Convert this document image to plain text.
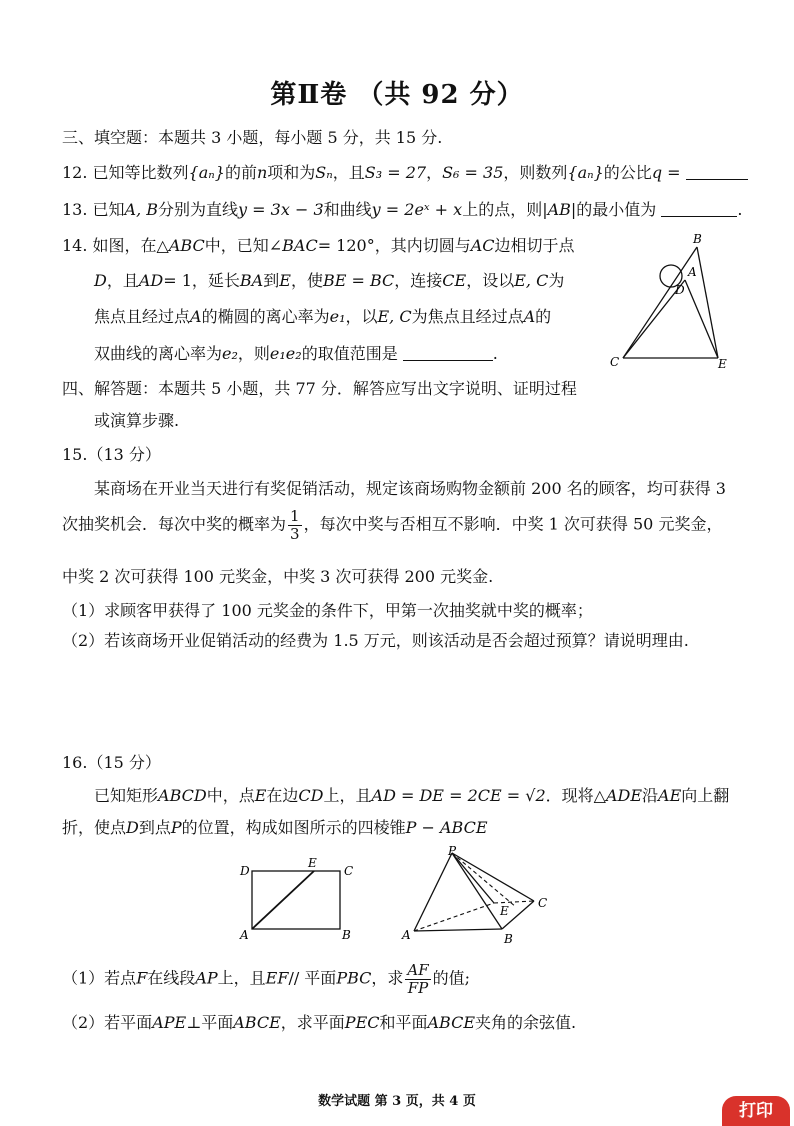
第Ⅱ卷 （共 92 分）
三、填空题：本题共 3 小题，每小题 5 分，共 15 分.
12. 已知等比数列{aₙ}的前n项和为Sₙ，且S₃ = 27，S₆ = 35，则数列{aₙ}的公比q =
13. 已知A, B分别为直线y = 3x − 3和曲线y = 2eˣ + x上的点，则|AB|的最小值为	.
14. 如图，在△ABC中，已知∠BAC= 120°，其内切圆与AC边相切于点
D，且AD= 1，延长BA到E，使BE = BC，连接CE，设以E, C为
焦点且经过点A的椭圆的离心率为e₁，以E, C为焦点且经过点A的
双曲线的离心率为e₂，则e₁e₂的取值范围是	.
B
A
D
C	E
四、解答题：本题共 5 小题，共 77 分．解答应写出文字说明、证明过程
或演算步骤.
15.（13 分）
某商场在开业当天进行有奖促销活动，规定该商场购物金额前 200 名的顾客，均可获得 3
次抽奖机会．每次中奖的概率为 $\frac{1}{3}$ ，每次中奖与否相互不影响．中奖 1 次可获得 50 元奖金，
中奖 2 次可获得 100 元奖金，中奖 3 次可获得 200 元奖金.
（1）求顾客甲获得了 100 元奖金的条件下，甲第一次抽奖就中奖的概率；
（2）若该商场开业促销活动的经费为 1.5 万元，则该活动是否会超过预算？请说明理由.
16.（15 分）
已知矩形ABCD中，点E在边CD上，且AD = DE = 2CE = √2．现将△ADE沿AE向上翻
折，使点D到点P的位置，构成如图所示的四棱锥P − ABCE
D
E
C
A	B
P
E
C
A	B
（1）若点F在线段AP上，且EF// 平面PBC，求 $\frac{AF}{FP}$ 的值;
（2）若平面APE⊥平面ABCE，求平面PEC和平面ABCE夹角的余弦值.
数学试题 第 3 页，共 4 页	打印
